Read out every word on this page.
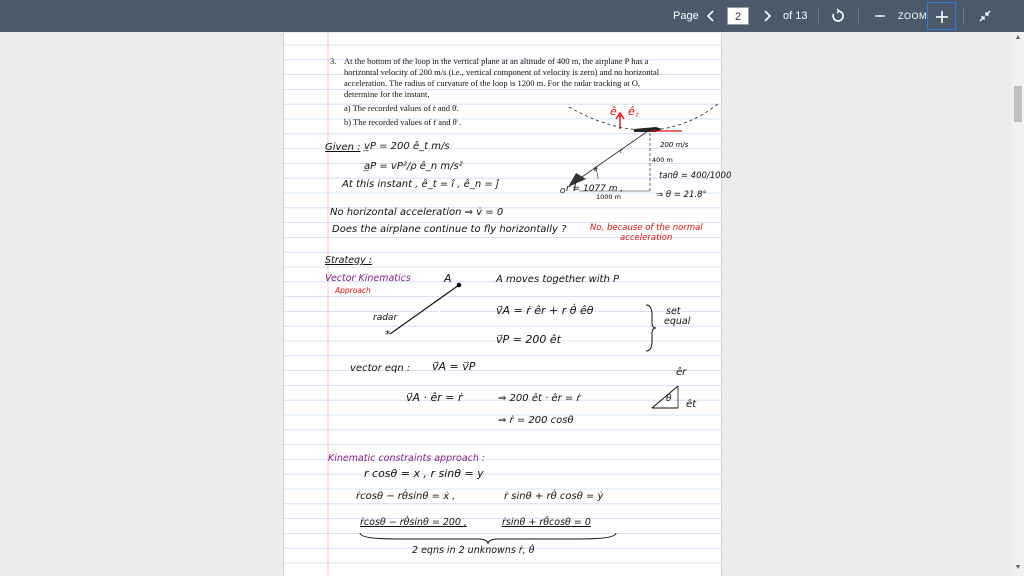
Page	2	of 13	ZOOM
3. At the bottom of the loop in the vertical plane at an altitude of 400 m, the airplane P has a
horizontal velocity of 200 m/s (i.e., vertical component of velocity is zero) and no horizontal
acceleration. The radius of curvature of the loop is 1200 m. For the radar tracking at O,
determine for the instant,
a) The recorded values of ṙ and θ̇.
b) The recorded values of r̈ and θ̈ .
ê n ê t
200 m/s
400 m
1000 m
θ
r
O
Given : v̲P = 200 ê_t m/s
a̲P = vP²/ρ ê_n m/s²
At this instant , ê_t = î , ê_n = ĵ	r = 1077 m ,
tanθ = 400/1000
⇒ θ = 21.8°
No horizontal acceleration ⇒ v̇ = 0
Does the airplane continue to fly horizontally ?	No, because of the normal
acceleration
Strategy :
Vector Kinematics
Approach
A
*
radar
A moves together with P
v⃗A = ṙ êr + r θ̇ êθ
v⃗P = 200 êt
set
equal
vector eqn : v⃗A = v⃗P
v⃗A · êr = ṙ	⇒ 200 êt · êr = ṙ
⇒ ṙ = 200 cosθ
êr
êt
θ
Kinematic constraints approach :
r cosθ = x , r sinθ = y
ṙcosθ − rθ̇sinθ = ẋ ,	ṙ sinθ + rθ̇ cosθ = ẏ
ṙcosθ − rθ̇sinθ = 200 ,	ṙsinθ + rθ̇cosθ = 0
2 eqns in 2 unknowns ṙ, θ̇
▲
▼
